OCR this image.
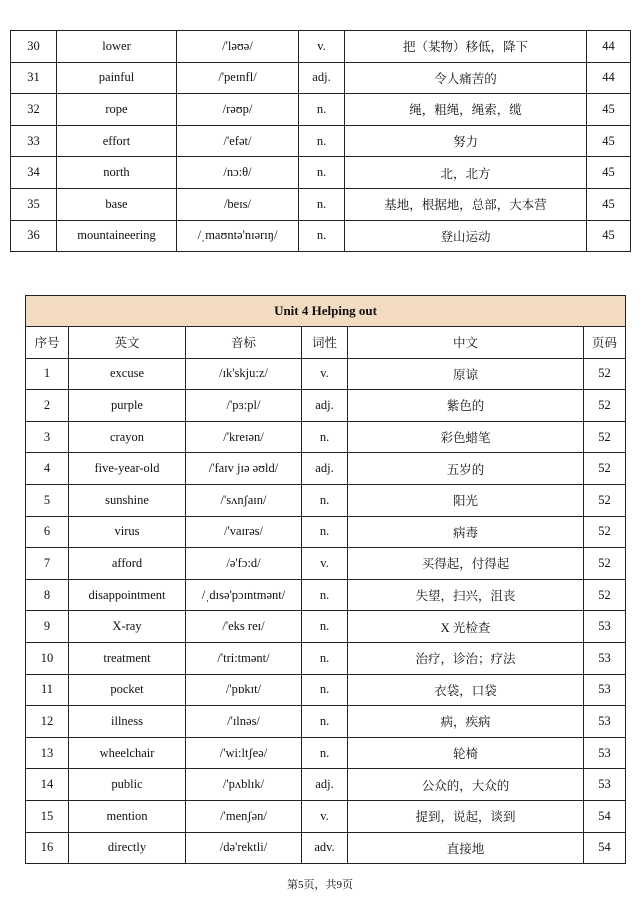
30	lower	/'ləʊə/	v.	把（某物）移低，降下	44
31	painful	/'peɪnfl/	adj.	令人痛苦的	44
32	rope	/rəʊp/	n.	绳，粗绳，绳索，缆	45
33	effort	/'efət/	n.	努力	45
34	north	/nɔ:θ/	n.	北，北方	45
35	base	/beɪs/	n.	基地，根据地，总部，大本营	45
36	mountaineering	/ˌmaʊntə'nɪərɪŋ/	n.	登山运动	45
Unit 4 Helping out					
序号	英文	音标	词性	中文	页码
1	excuse	/ɪk'skju:z/	v.	原谅	52
2	purple	/'pɜ:pl/	adj.	紫色的	52
3	crayon	/'kreɪən/	n.	彩色蜡笔	52
4	five-year-old	/'faɪv jɪə əʊld/	adj.	五岁的	52
5	sunshine	/'sʌnʃaɪn/	n.	阳光	52
6	virus	/'vaɪrəs/	n.	病毒	52
7	afford	/ə'fɔ:d/	v.	买得起，付得起	52
8	disappointment	/ˌdɪsə'pɔɪntmənt/	n.	失望，扫兴，沮丧	52
9	X-ray	/'eks reɪ/	n.	X 光检查	53
10	treatment	/'tri:tmənt/	n.	治疗，诊治；疗法	53
11	pocket	/'pɒkɪt/	n.	衣袋，口袋	53
12	illness	/'ɪlnəs/	n.	病，疾病	53
13	wheelchair	/'wi:ltʃeə/	n.	轮椅	53
14	public	/'pʌblɪk/	adj.	公众的，大众的	53
15	mention	/'menʃən/	v.	提到，说起，谈到	54
16	directly	/də'rektli/	adv.	直接地	54
第5页，共9页
